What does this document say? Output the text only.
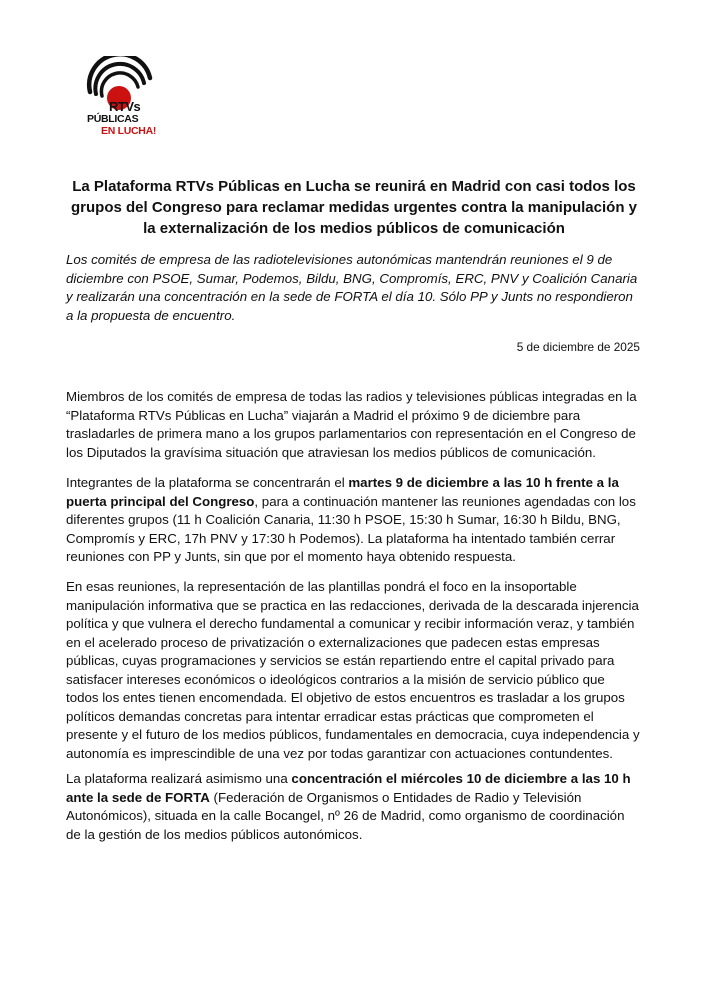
RTVs
PÚBLICAS
EN LUCHA!
La Plataforma RTVs Públicas en Lucha se reunirá en Madrid con casi todos los grupos del Congreso para reclamar medidas urgentes contra la manipulación y la externalización de los medios públicos de comunicación

Los comités de empresa de las radiotelevisiones autonómicas mantendrán reuniones el 9 de diciembre con PSOE, Sumar, Podemos, Bildu, BNG, Compromís, ERC, PNV y Coalición Canaria y realizarán una concentración en la sede de FORTA el día 10. Sólo PP y Junts no respondieron a la propuesta de encuentro.

5 de diciembre de 2025

Miembros de los comités de empresa de todas las radios y televisiones públicas integradas en la “Plataforma RTVs Públicas en Lucha” viajarán a Madrid el próximo 9 de diciembre para trasladarles de primera mano a los grupos parlamentarios con representación en el Congreso de los Diputados la gravísima situación que atraviesan los medios públicos de comunicación.

Integrantes de la plataforma se concentrarán el martes 9 de diciembre a las 10 h frente a la puerta principal del Congreso, para a continuación mantener las reuniones agendadas con los diferentes grupos (11 h Coalición Canaria, 11:30 h PSOE, 15:30 h Sumar, 16:30 h Bildu, BNG, Compromís y ERC, 17h PNV y 17:30 h Podemos). La plataforma ha intentado también cerrar reuniones con PP y Junts, sin que por el momento haya obtenido respuesta.

En esas reuniones, la representación de las plantillas pondrá el foco en la insoportable manipulación informativa que se practica en las redacciones, derivada de la descarada injerencia política y que vulnera el derecho fundamental a comunicar y recibir información veraz, y también en el acelerado proceso de privatización o externalizaciones que padecen estas empresas públicas, cuyas programaciones y servicios se están repartiendo entre el capital privado para satisfacer intereses económicos o ideológicos contrarios a la misión de servicio público que todos los entes tienen encomendada. El objetivo de estos encuentros es trasladar a los grupos políticos demandas concretas para intentar erradicar estas prácticas que comprometen el presente y el futuro de los medios públicos, fundamentales en democracia, cuya independencia y autonomía es imprescindible de una vez por todas garantizar con actuaciones contundentes.

La plataforma realizará asimismo una concentración el miércoles 10 de diciembre a las 10 h ante la sede de FORTA (Federación de Organismos o Entidades de Radio y Televisión Autonómicos), situada en la calle Bocangel, nº 26 de Madrid, como organismo de coordinación de la gestión de los medios públicos autonómicos.
